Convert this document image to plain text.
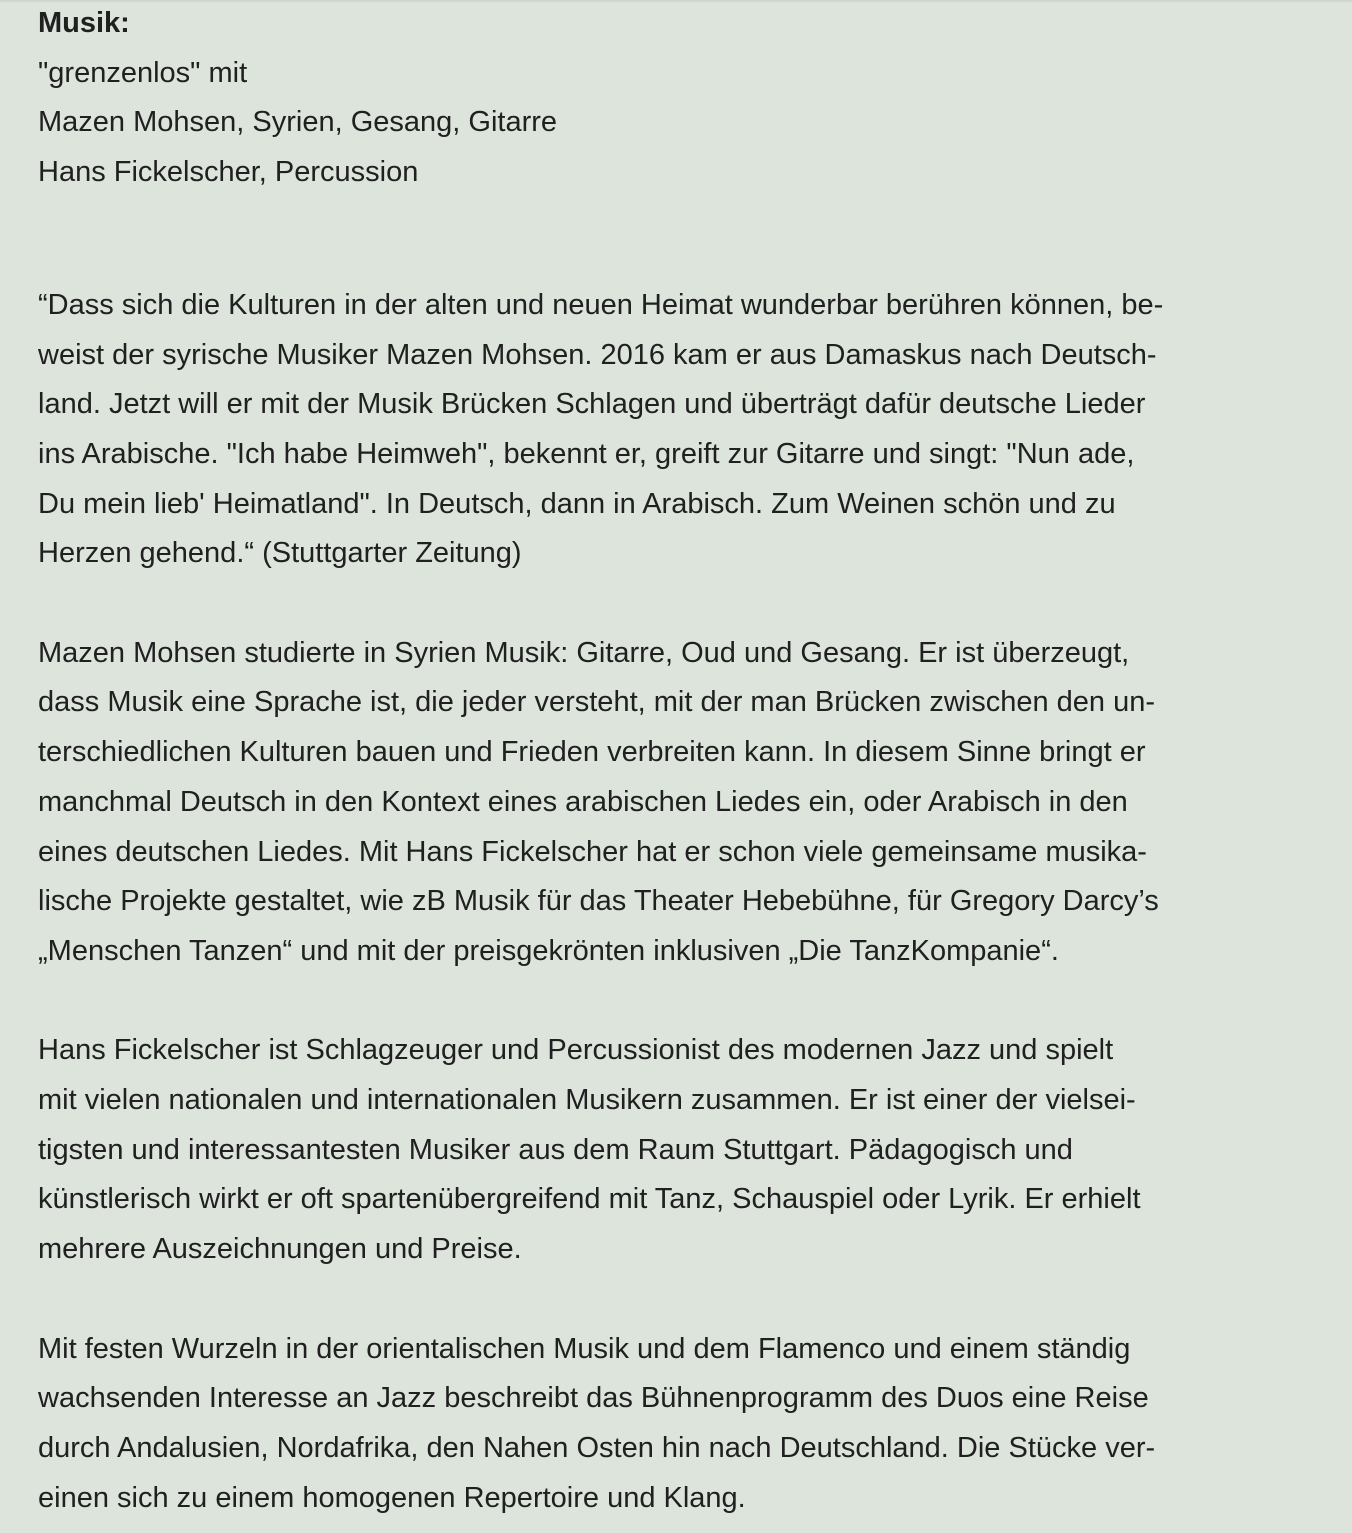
Musik:
"grenzenlos" mit
Mazen Mohsen, Syrien, Gesang, Gitarre
Hans Fickelscher, Percussion

“Dass sich die Kulturen in der alten und neuen Heimat wunderbar berühren können, be-
weist der syrische Musiker Mazen Mohsen. 2016 kam er aus Damaskus nach Deutsch-
land. Jetzt will er mit der Musik Brücken Schlagen und überträgt dafür deutsche Lieder
ins Arabische. "Ich habe Heimweh", bekennt er, greift zur Gitarre und singt: "Nun ade,
Du mein lieb' Heimatland". In Deutsch, dann in Arabisch. Zum Weinen schön und zu
Herzen gehend.“ (Stuttgarter Zeitung)

Mazen Mohsen studierte in Syrien Musik: Gitarre, Oud und Gesang. Er ist überzeugt,
dass Musik eine Sprache ist, die jeder versteht, mit der man Brücken zwischen den un-
terschiedlichen Kulturen bauen und Frieden verbreiten kann. In diesem Sinne bringt er
manchmal Deutsch in den Kontext eines arabischen Liedes ein, oder Arabisch in den
eines deutschen Liedes. Mit Hans Fickelscher hat er schon viele gemeinsame musika-
lische Projekte gestaltet, wie zB Musik für das Theater Hebebühne, für Gregory Darcy’s
„Menschen Tanzen“ und mit der preisgekrönten inklusiven „Die TanzKompanie“.

Hans Fickelscher ist Schlagzeuger und Percussionist des modernen Jazz und spielt
mit vielen nationalen und internationalen Musikern zusammen. Er ist einer der vielsei-
tigsten und interessantesten Musiker aus dem Raum Stuttgart. Pädagogisch und
künstlerisch wirkt er oft spartenübergreifend mit Tanz, Schauspiel oder Lyrik. Er erhielt
mehrere Auszeichnungen und Preise.

Mit festen Wurzeln in der orientalischen Musik und dem Flamenco und einem ständig
wachsenden Interesse an Jazz beschreibt das Bühnenprogramm des Duos eine Reise
durch Andalusien, Nordafrika, den Nahen Osten hin nach Deutschland. Die Stücke ver-
einen sich zu einem homogenen Repertoire und Klang.
